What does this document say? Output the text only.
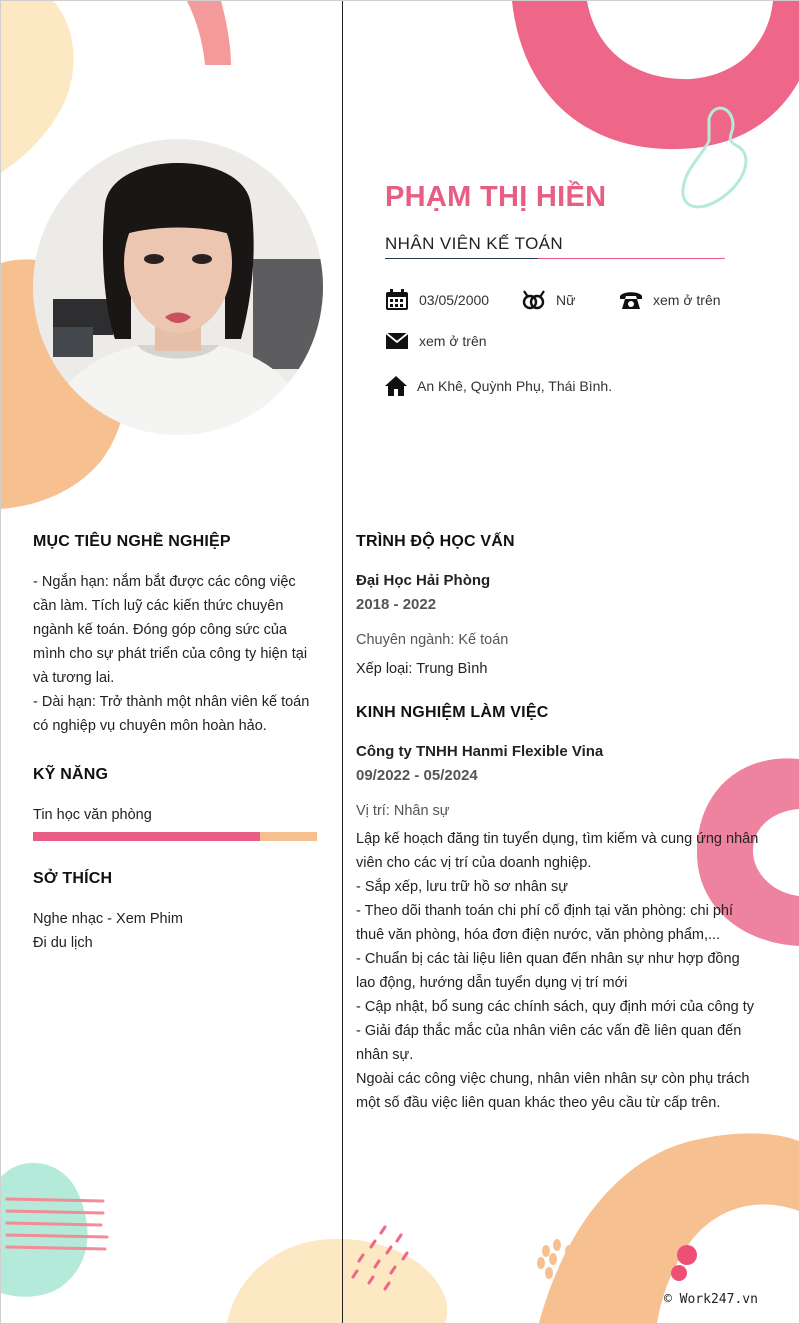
PHẠM THỊ HIỀN
NHÂN VIÊN KẾ TOÁN
03/05/2000	Nữ	xem ở trên
xem ở trên
An Khê, Quỳnh Phụ, Thái Bình.
MỤC TIÊU NGHỀ NGHIỆP
- Ngắn hạn: nắm bắt được các công việc
cần làm. Tích luỹ các kiến thức chuyên
ngành kế toán. Đóng góp công sức của
mình cho sự phát triển của công ty hiện tại
và tương lai.
- Dài hạn: Trở thành một nhân viên kế toán
có nghiệp vụ chuyên môn hoàn hảo.
KỸ NĂNG
Tin học văn phòng
SỞ THÍCH
Nghe nhạc - Xem Phim
Đi du lịch
TRÌNH ĐỘ HỌC VẤN
Đại Học Hải Phòng
2018 - 2022
Chuyên ngành: Kế toán
Xếp loại: Trung Bình
KINH NGHIỆM LÀM VIỆC
Công ty TNHH Hanmi Flexible Vina
09/2022 - 05/2024
Vị trí: Nhân sự
Lập kế hoạch đăng tin tuyển dụng, tìm kiếm và cung ứng nhân
viên cho các vị trí của doanh nghiệp.
- Sắp xếp, lưu trữ hồ sơ nhân sự
- Theo dõi thanh toán chi phí cố định tại văn phòng: chi phí
thuê văn phòng, hóa đơn điện nước, văn phòng phẩm,...
- Chuẩn bị các tài liệu liên quan đến nhân sự như hợp đồng
lao động, hướng dẫn tuyển dụng vị trí mới
- Cập nhật, bổ sung các chính sách, quy định mới của công ty
- Giải đáp thắc mắc của nhân viên các vấn đề liên quan đến
nhân sự.
Ngoài các công việc chung, nhân viên nhân sự còn phụ trách
một số đầu việc liên quan khác theo yêu cầu từ cấp trên.
© Work247.vn
